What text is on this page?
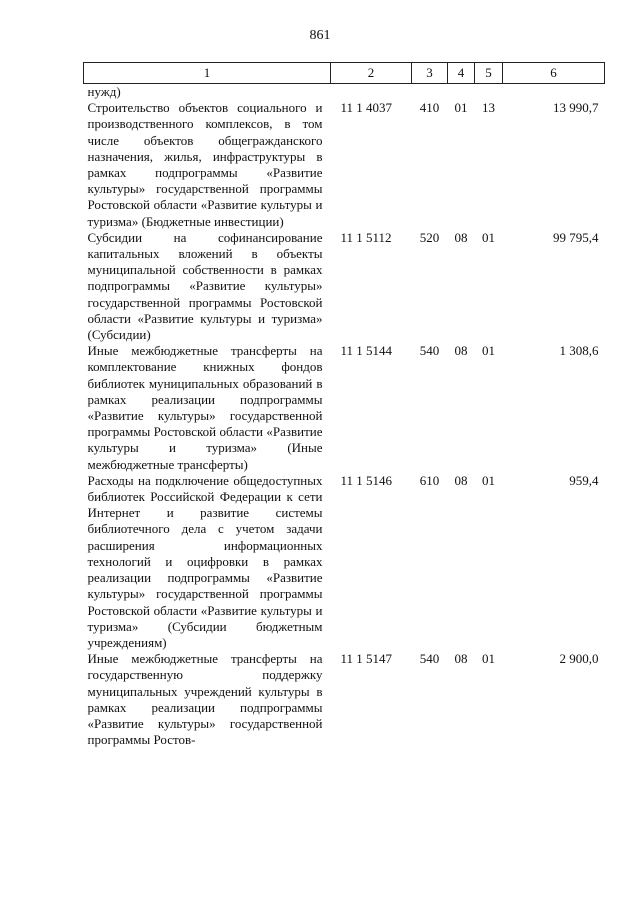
861
1	2	3	4	5	6
нужд)					
Строительство объектов социального и производственного комплексов, в том числе объектов общегражданского назначения, жилья, инфраструктуры в рамках подпрограммы «Развитие культуры» государственной программы Ростовской области «Развитие культуры и туризма» (Бюджетные инвестиции)	11 1 4037	410	01	13	13 990,7
Субсидии на софинансирование капитальных вложений в объекты муниципальной собственности в рамках подпрограммы «Развитие культуры» государственной программы Ростовской области «Развитие культуры и туризма» (Субсидии)	11 1 5112	520	08	01	99 795,4
Иные межбюджетные трансферты на комплектование книжных фондов библиотек муниципальных образований в рамках реализации подпрограммы «Развитие культуры» государственной программы Ростовской области «Развитие культуры и туризма» (Иные межбюджетные трансферты)	11 1 5144	540	08	01	1 308,6
Расходы на подключение общедоступных библиотек Российской Федерации к сети Интернет и развитие системы библиотечного дела с учетом задачи расширения информационных технологий и оцифровки в рамках реализации подпрограммы «Развитие культуры» государственной программы Ростовской области «Развитие культуры и туризма» (Субсидии бюджетным учреждениям)	11 1 5146	610	08	01	959,4
Иные межбюджетные трансферты на государственную поддержку муниципальных учреждений культуры в рамках реализации подпрограммы «Развитие культуры» государственной программы Ростов-	11 1 5147	540	08	01	2 900,0
